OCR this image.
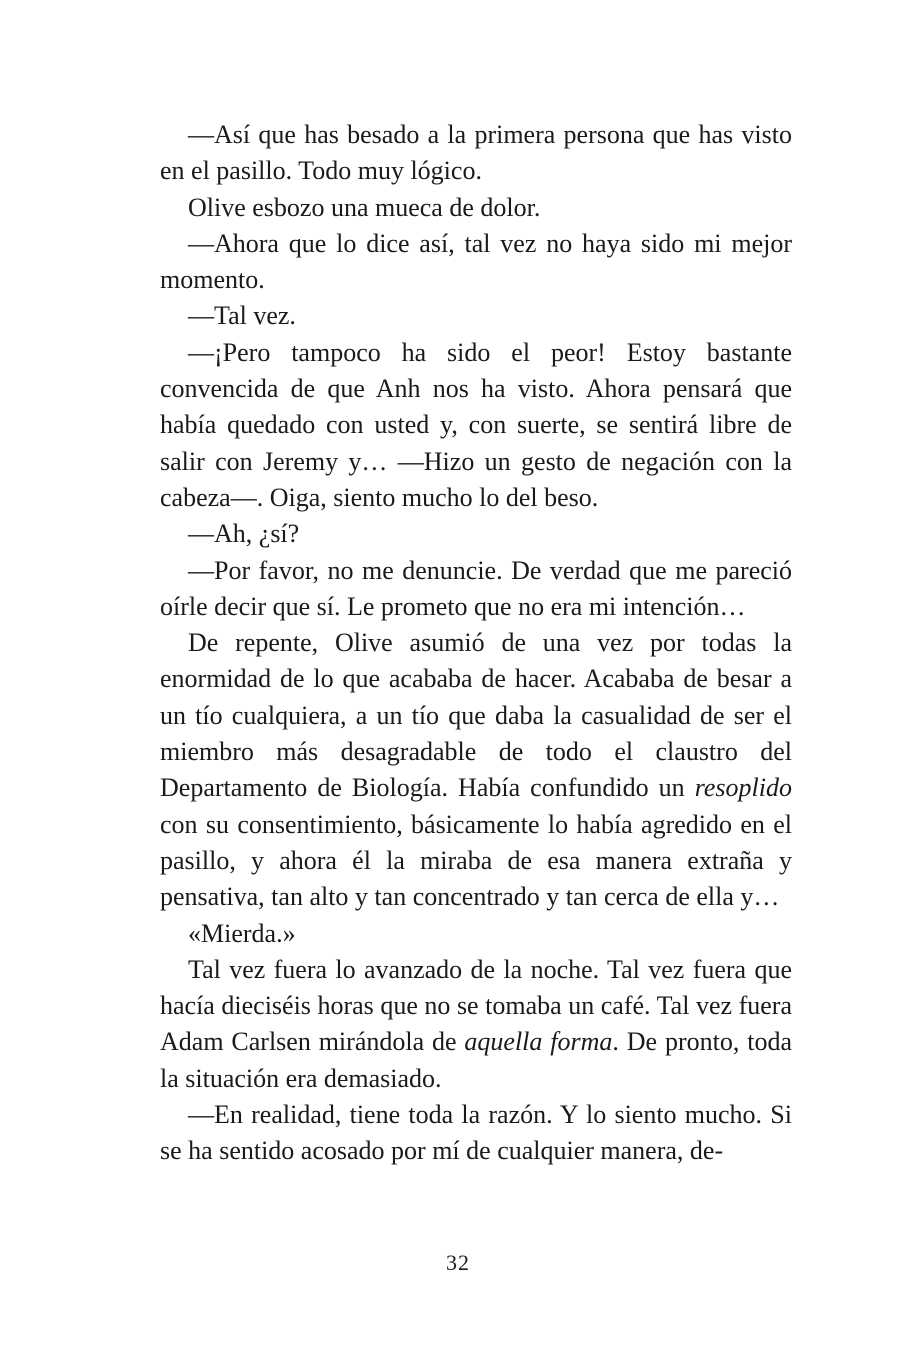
—Así que has besado a la primera persona que has visto en el pasillo. Todo muy lógico.

Olive esbozo una mueca de dolor.

—Ahora que lo dice así, tal vez no haya sido mi mejor momento.

—Tal vez.

—¡Pero tampoco ha sido el peor! Estoy bastante convencida de que Anh nos ha visto. Ahora pensará que había quedado con usted y, con suerte, se sentirá libre de salir con Jeremy y… —Hizo un gesto de negación con la cabeza—. Oiga, siento mucho lo del beso.

—Ah, ¿sí?

—Por favor, no me denuncie. De verdad que me pareció oírle decir que sí. Le prometo que no era mi intención…

De repente, Olive asumió de una vez por todas la enormidad de lo que acababa de hacer. Acababa de besar a un tío cualquiera, a un tío que daba la casualidad de ser el miembro más desagradable de todo el claustro del Departamento de Biología. Había confundido un resoplido con su consentimiento, básicamente lo había agredido en el pasillo, y ahora él la miraba de esa manera extraña y pensativa, tan alto y tan concentrado y tan cerca de ella y…

«Mierda.»

Tal vez fuera lo avanzado de la noche. Tal vez fuera que hacía dieciséis horas que no se tomaba un café. Tal vez fuera Adam Carlsen mirándola de aquella forma. De pronto, toda la situación era demasiado.

—En realidad, tiene toda la razón. Y lo siento mucho. Si se ha sentido acosado por mí de cualquier manera, de-

32
